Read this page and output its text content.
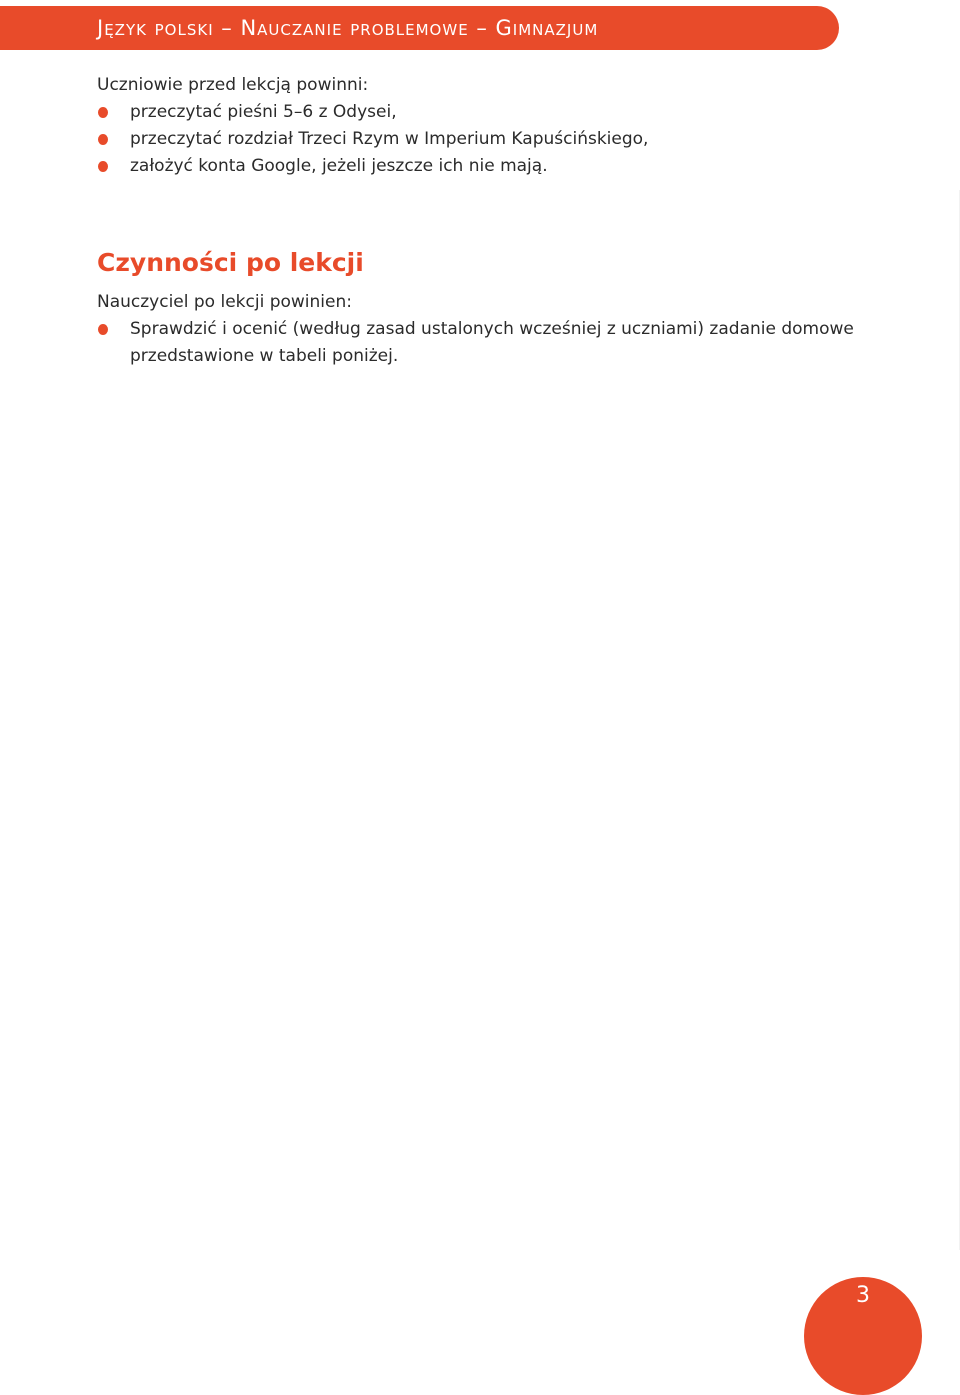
Język polski – Nauczanie problemowe – Gimnazjum

Uczniowie przed lekcją powinni:

przeczytać pieśni 5–6 z Odysei,
przeczytać rozdział Trzeci Rzym w Imperium Kapuścińskiego,
założyć konta Google, jeżeli jeszcze ich nie mają.
Czynności po lekcji

Nauczyciel po lekcji powinien:

Sprawdzić i ocenić (według zasad ustalonych wcześniej z uczniami) zadanie domowe przedstawione w tabeli poniżej.
3
